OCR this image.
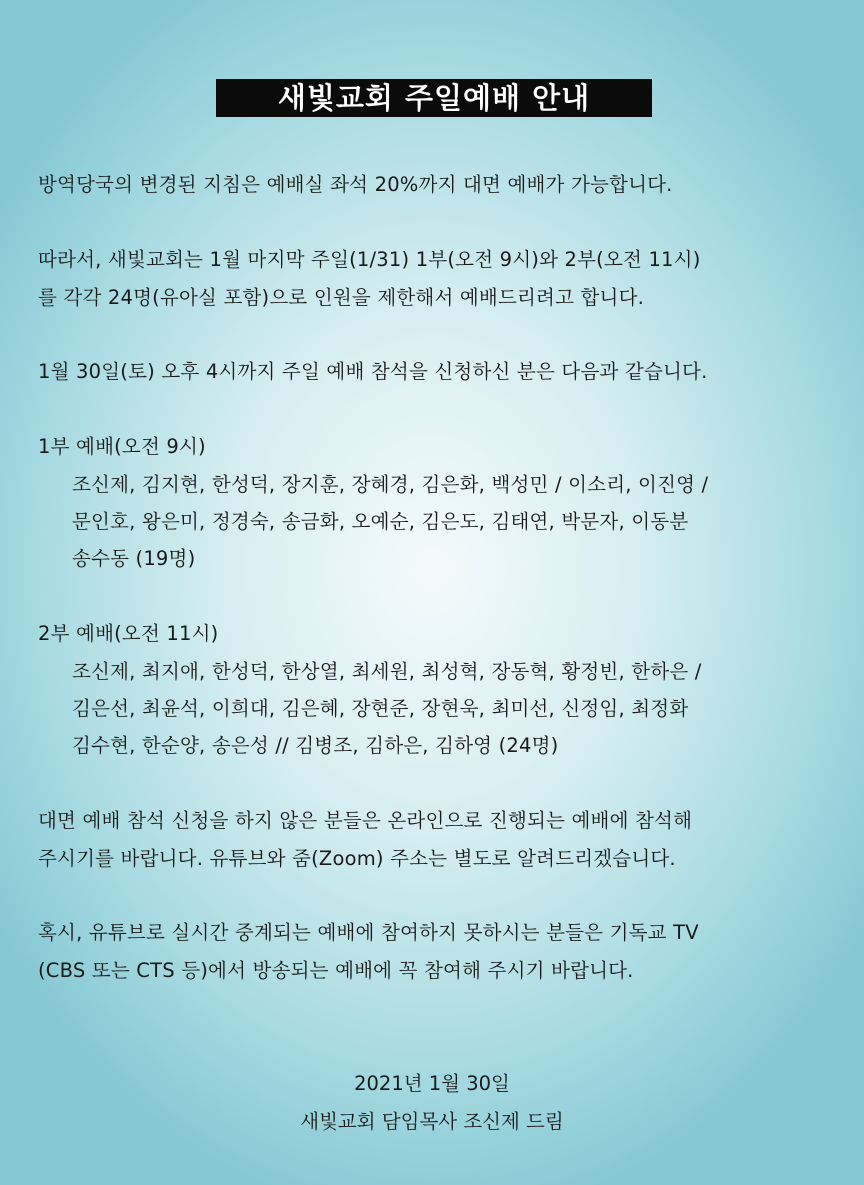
새빛교회 주일예배 안내
방역당국의 변경된 지침은 예배실 좌석 20%까지 대면 예배가 가능합니다.
따라서, 새빛교회는 1월 마지막 주일(1/31) 1부(오전 9시)와 2부(오전 11시)
를 각각 24명(유아실 포함)으로 인원을 제한해서 예배드리려고 합니다.
1월 30일(토) 오후 4시까지 주일 예배 참석을 신청하신 분은 다음과 같습니다.
1부 예배(오전 9시)
조신제, 김지현, 한성덕, 장지훈, 장혜경, 김은화, 백성민 / 이소리, 이진영 /
문인호, 왕은미, 정경숙, 송금화, 오예순, 김은도, 김태연, 박문자, 이동분
송수동 (19명)
2부 예배(오전 11시)
조신제, 최지애, 한성덕, 한상열, 최세원, 최성혁, 장동혁, 황정빈, 한하은 /
김은선, 최윤석, 이희대, 김은혜, 장현준, 장현욱, 최미선, 신정임, 최정화
김수현, 한순양, 송은성 // 김병조, 김하은, 김하영 (24명)
대면 예배 참석 신청을 하지 않은 분들은 온라인으로 진행되는 예배에 참석해
주시기를 바랍니다. 유튜브와 줌(Zoom) 주소는 별도로 알려드리겠습니다.
혹시, 유튜브로 실시간 중계되는 예배에 참여하지 못하시는 분들은 기독교 TV
(CBS 또는 CTS 등)에서 방송되는 예배에 꼭 참여해 주시기 바랍니다.
2021년 1월 30일
새빛교회 담임목사 조신제 드림
